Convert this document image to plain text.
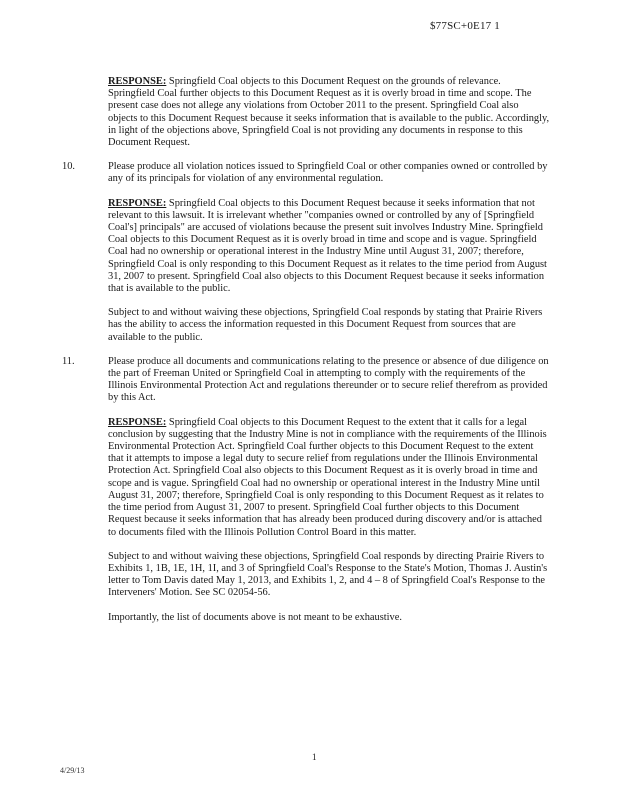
$77SC+0E17 1

RESPONSE: Springfield Coal objects to this Document Request on the grounds of relevance. Springfield Coal further objects to this Document Request as it is overly broad in time and scope. The present case does not allege any violations from October 2011 to the present. Springfield Coal also objects to this Document Request because it seeks information that is available to the public. Accordingly, in light of the objections above, Springfield Coal is not providing any documents in response to this Document Request.

10.	Please produce all violation notices issued to Springfield Coal or other companies owned or controlled by any of its principals for violation of any environmental regulation.

RESPONSE: Springfield Coal objects to this Document Request because it seeks information that not relevant to this lawsuit. It is irrelevant whether "companies owned or controlled by any of [Springfield Coal's] principals" are accused of violations because the present suit involves Industry Mine. Springfield Coal objects to this Document Request as it is overly broad in time and scope and is vague. Springfield Coal had no ownership or operational interest in the Industry Mine until August 31, 2007; therefore, Springfield Coal is only responding to this Document Request as it relates to the time period from August 31, 2007 to present. Springfield Coal also objects to this Document Request because it seeks information that is available to the public.

Subject to and without waiving these objections, Springfield Coal responds by stating that Prairie Rivers has the ability to access the information requested in this Document Request from sources that are available to the public.

11.	Please produce all documents and communications relating to the presence or absence of due diligence on the part of Freeman United or Springfield Coal in attempting to comply with the requirements of the Illinois Environmental Protection Act and regulations thereunder or to secure relief therefrom as provided by this Act.

RESPONSE: Springfield Coal objects to this Document Request to the extent that it calls for a legal conclusion by suggesting that the Industry Mine is not in compliance with the requirements of the Illinois Environmental Protection Act. Springfield Coal further objects to this Document Request to the extent that it attempts to impose a legal duty to secure relief from regulations under the Illinois Environmental Protection Act. Springfield Coal also objects to this Document Request as it is overly broad in time and scope and is vague. Springfield Coal had no ownership or operational interest in the Industry Mine until August 31, 2007; therefore, Springfield Coal is only responding to this Document Request as it relates to the time period from August 31, 2007 to present. Springfield Coal further objects to this Document Request because it seeks information that has already been produced during discovery and/or is attached to documents filed with the Illinois Pollution Control Board in this matter.

Subject to and without waiving these objections, Springfield Coal responds by directing Prairie Rivers to Exhibits 1, 1B, 1E, 1H, 1I, and 3 of Springfield Coal's Response to the State's Motion, Thomas J. Austin's letter to Tom Davis dated May 1, 2013, and Exhibits 1, 2, and 4 – 8 of Springfield Coal's Response to the Interveners' Motion. See SC 02054-56.

Importantly, the list of documents above is not meant to be exhaustive.

1
4/29/13
